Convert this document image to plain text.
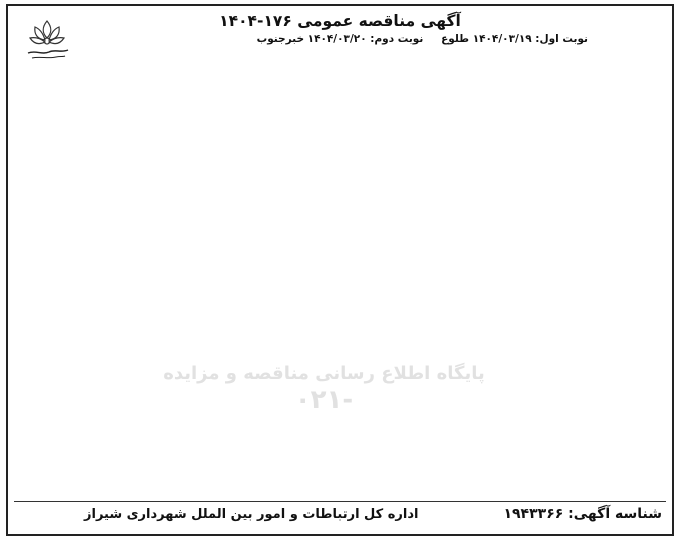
آگهی مناقصه عمومی ۱۷۶-۱۴۰۴
نوبت اول: ۱۴۰۴/۰۳/۱۹ طلوع
نوبت دوم: ۱۴۰۴/۰۳/۲۰ خبرجنوب
پایگاه اطلاع رسانی مناقصه و مزایده
-۰۲۱
شناسه آگهی: ۱۹۴۳۳۶۶
اداره کل ارتباطات و امور بین الملل شهرداری شیراز
